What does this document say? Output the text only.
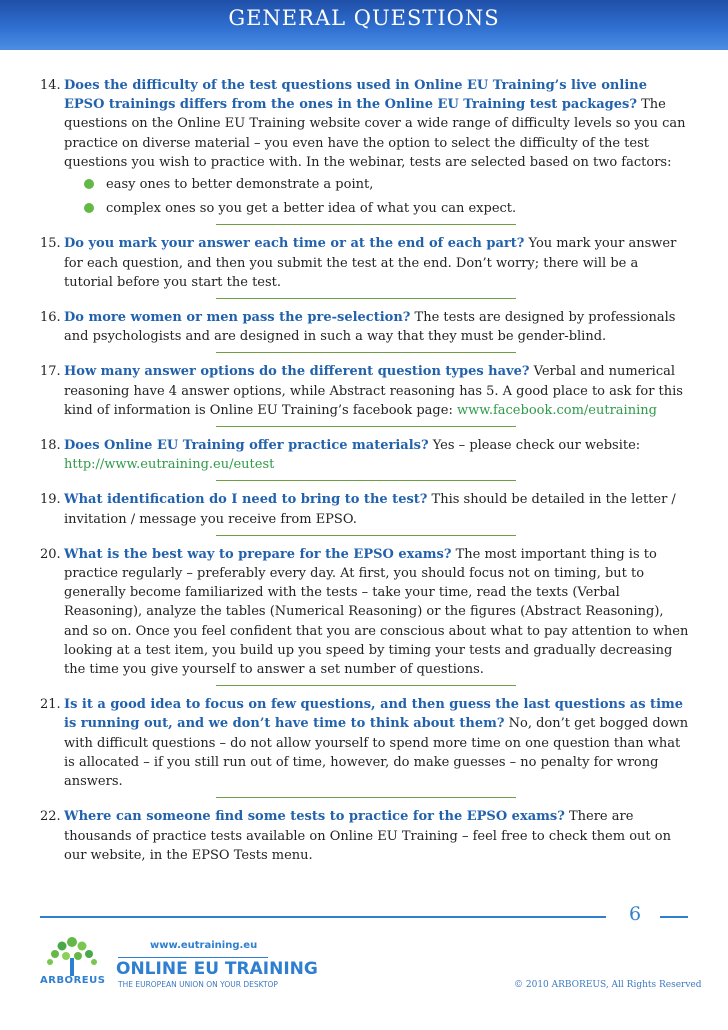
GENERAL QUESTIONS
14. Does the difficulty of the test questions used in Online EU Training’s live online EPSO trainings differs from the ones in the Online EU Training test packages? The questions on the Online EU Training website cover a wide range of difficulty levels so you can practice on diverse material – you even have the option to select the difficulty of the test questions you wish to practice with. In the webinar, tests are selected based on two factors:
easy ones to better demonstrate a point,
complex ones so you get a better idea of what you can expect.
15. Do you mark your answer each time or at the end of each part? You mark your answer for each question, and then you submit the test at the end. Don’t worry; there will be a tutorial before you start the test.
16. Do more women or men pass the pre-selection? The tests are designed by professionals and psychologists and are designed in such a way that they must be gender-blind.
17. How many answer options do the different question types have? Verbal and numerical reasoning have 4 answer options, while Abstract reasoning has 5. A good place to ask for this kind of information is Online EU Training’s facebook page: www.facebook.com/eutraining
18. Does Online EU Training offer practice materials? Yes – please check our website:
http://www.eutraining.eu/eutest
19. What identification do I need to bring to the test? This should be detailed in the letter / invitation / message you receive from EPSO.
20. What is the best way to prepare for the EPSO exams? The most important thing is to practice regularly – preferably every day. At first, you should focus not on timing, but to generally become familiarized with the tests – take your time, read the texts (Verbal Reasoning), analyze the tables (Numerical Reasoning) or the figures (Abstract Reasoning), and so on. Once you feel confident that you are conscious about what to pay attention to when looking at a test item, you build up you speed by timing your tests and gradually decreasing the time you give yourself to answer a set number of questions.
21. Is it a good idea to focus on few questions, and then guess the last questions as time is running out, and we don’t have time to think about them? No, don’t get bogged down with difficult questions – do not allow yourself to spend more time on one question than what is allocated – if you still run out of time, however, do make guesses – no penalty for wrong answers.
22. Where can someone find some tests to practice for the EPSO exams? There are thousands of practice tests available on Online EU Training – feel free to check them out on our website, in the EPSO Tests menu.
6
ARBOREUS
www.eutraining.eu
ONLINE EU TRAINING
THE EUROPEAN UNION ON YOUR DESKTOP	© 2010 ARBOREUS, All Rights Reserved
